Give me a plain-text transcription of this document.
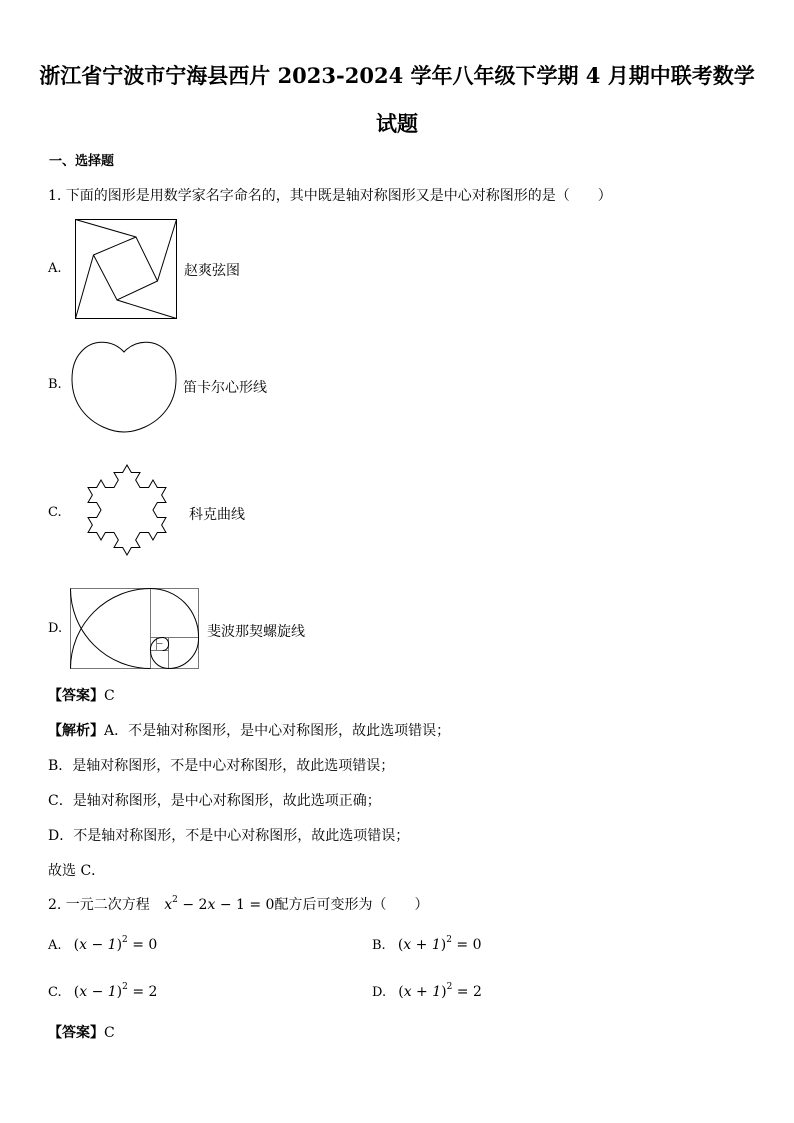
浙江省宁波市宁海县西片 2023-2024 学年八年级下学期 4 月期中联考数学
试题
一、选择题
1. 下面的图形是用数学家名字命名的，其中既是轴对称图形又是中心对称图形的是（　　）
A.	赵爽弦图
B.	笛卡尔心形线
C.	科克曲线
D.	斐波那契螺旋线
【答案】C
【解析】A．不是轴对称图形，是中心对称图形，故此选项错误；
B．是轴对称图形，不是中心对称图形，故此选项错误；
C．是轴对称图形，是中心对称图形，故此选项正确；
D．不是轴对称图形，不是中心对称图形，故此选项错误；
故选 C．
2. 一元二次方程 $x^2 - 2x - 1 = 0$配方后可变形为（　　）
A. $(x - 1)^2 = 0$	B. $(x + 1)^2 = 0$
C. $(x - 1)^2 = 2$	D. $(x + 1)^2 = 2$
【答案】C
